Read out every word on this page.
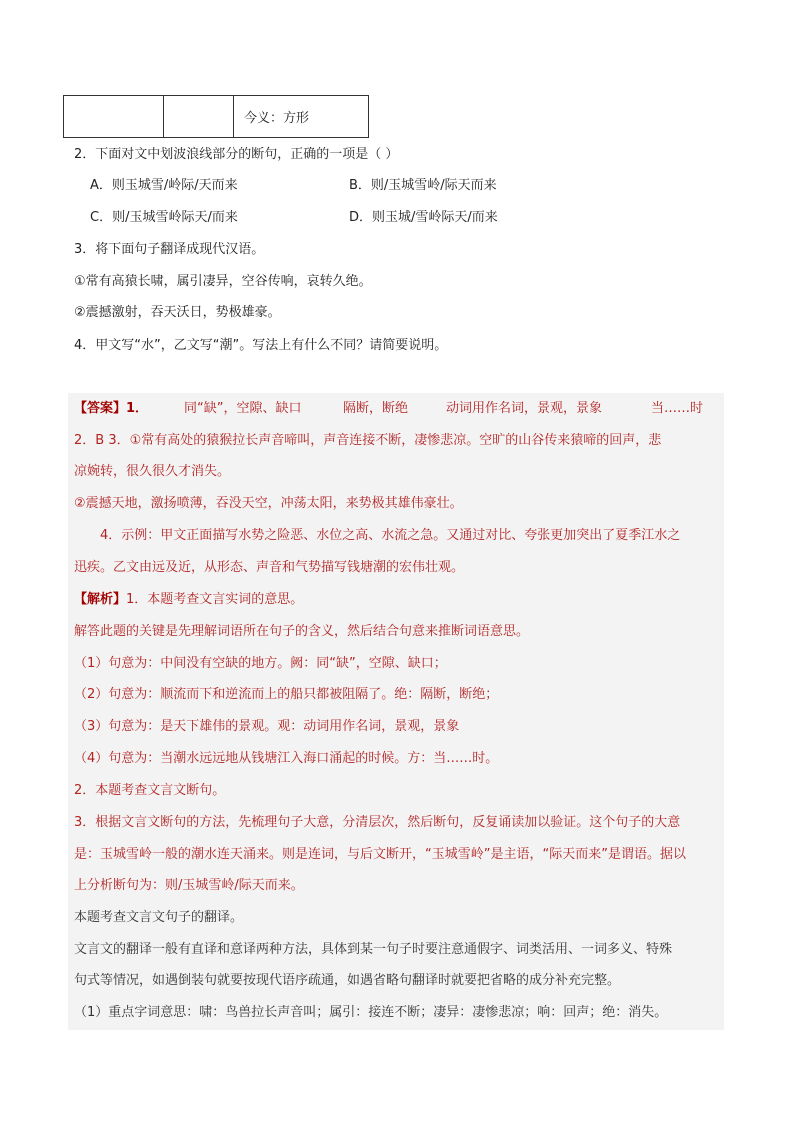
今义：方形
2．下面对文中划波浪线部分的断句，正确的一项是（ ）
A．则玉城雪/岭际/天而来	B．则/玉城雪岭/际天而来
C．则/玉城雪岭际天/而来	D．则玉城/雪岭际天/而来
3．将下面句子翻译成现代汉语。
①常有高猿长啸，属引凄异，空谷传响，哀转久绝。
②震撼激射，吞天沃日，势极雄豪。
4．甲文写“水”，乙文写“潮”。写法上有什么不同？请简要说明。
【答案】1．	同“缺”，空隙、缺口	隔断，断绝	动词用作名词，景观，景象	当……时
2．B 3．①常有高处的猿猴拉长声音啼叫，声音连接不断，凄惨悲凉。空旷的山谷传来猿啼的回声，悲
凉婉转，很久很久才消失。
②震撼天地，激扬喷薄，吞没天空，冲荡太阳，来势极其雄伟豪壮。
4．示例：甲文正面描写水势之险恶、水位之高、水流之急。又通过对比、夸张更加突出了夏季江水之
迅疾。乙文由远及近，从形态、声音和气势描写钱塘潮的宏伟壮观。
【解析】1．本题考查文言实词的意思。
解答此题的关键是先理解词语所在句子的含义，然后结合句意来推断词语意思。
（1）句意为：中间没有空缺的地方。阙：同“缺”，空隙、缺口；
（2）句意为：顺流而下和逆流而上的船只都被阻隔了。绝：隔断，断绝；
（3）句意为：是天下雄伟的景观。观：动词用作名词，景观，景象
（4）句意为：当潮水远远地从钱塘江入海口涌起的时候。方：当……时。
2．本题考查文言文断句。
3．根据文言文断句的方法，先梳理句子大意，分清层次，然后断句，反复诵读加以验证。这个句子的大意
是：玉城雪岭一般的潮水连天涌来。则是连词，与后文断开，“玉城雪岭”是主语，“际天而来”是谓语。据以
上分析断句为：则/玉城雪岭/际天而来。
本题考查文言文句子的翻译。
文言文的翻译一般有直译和意译两种方法，具体到某一句子时要注意通假字、词类活用、一词多义、特殊
句式等情况，如遇倒装句就要按现代语序疏通，如遇省略句翻译时就要把省略的成分补充完整。
（1）重点字词意思：啸：鸟兽拉长声音叫；属引：接连不断；凄异：凄惨悲凉；响：回声；绝：消失。
